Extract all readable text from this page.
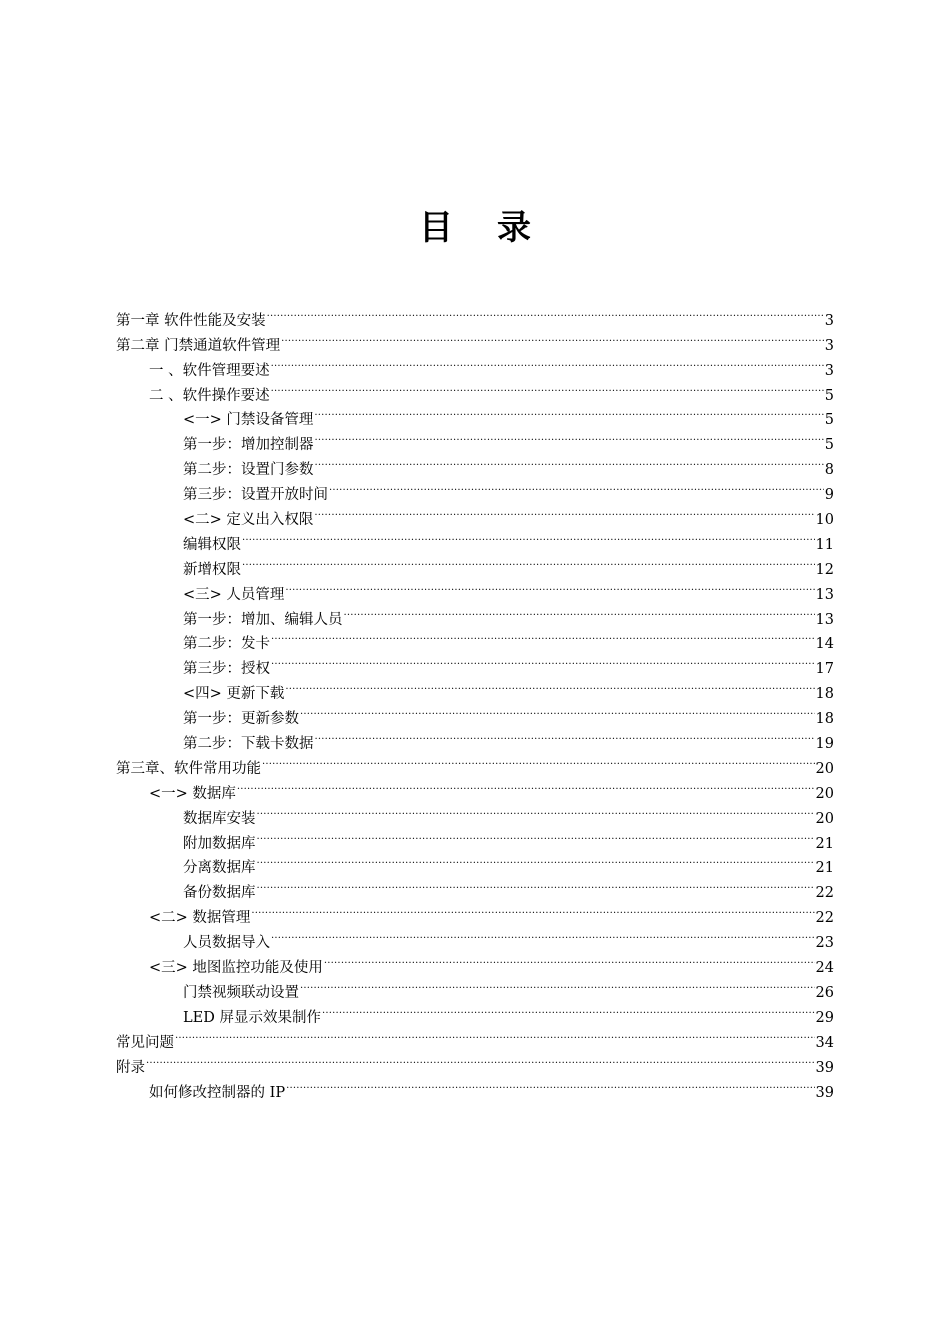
目 录
第一章 软件性能及安装 .....	3
第二章 门禁通道软件管理 .....	3
一 、软件管理要述 .....	3
二 、软件操作要述 .....	5
<一> 门禁设备管理 .....	5
第一步：增加控制器 .....	5
第二步：设置门参数 .....	8
第三步：设置开放时间 .....	9
<二> 定义出入权限 .....	10
编辑权限 .....	11
新增权限 .....	12
<三> 人员管理 .....	13
第一步：增加、编辑人员 .....	13
第二步：发卡 .....	14
第三步：授权 .....	17
<四> 更新下载 .....	18
第一步：更新参数 .....	18
第二步：下载卡数据 .....	19
第三章、软件常用功能 .....	20
<一> 数据库 .....	20
数据库安装 .....	20
附加数据库 .....	21
分离数据库 .....	21
备份数据库 .....	22
<二> 数据管理 .....	22
人员数据导入 .....	23
<三> 地图监控功能及使用 .....	24
门禁视频联动设置 .....	26
LED 屏显示效果制作 .....	29
常见问题 .....	34
附录 .....	39
如何修改控制器的 IP .....	39
